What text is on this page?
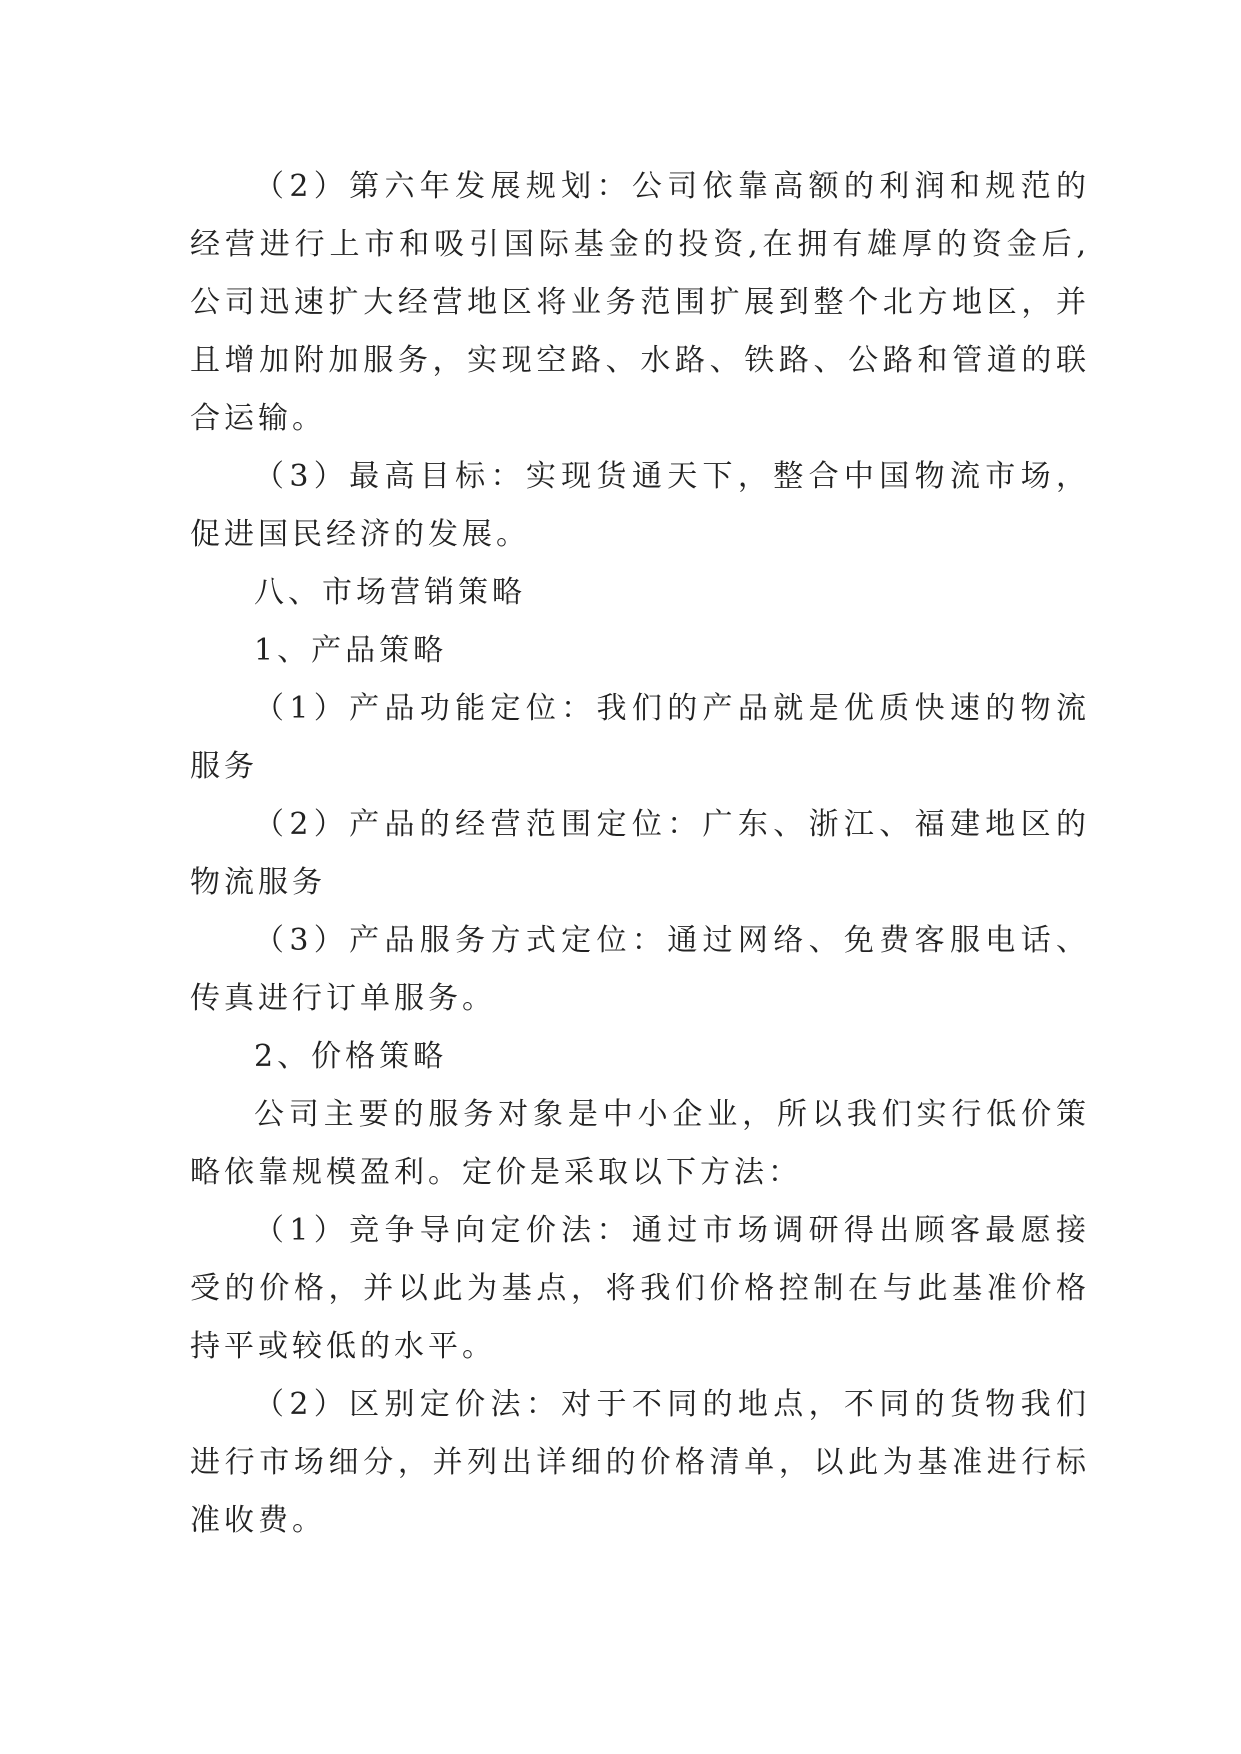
（2）第六年发展规划：公司依靠高额的利润和规范的经营进行上市和吸引国际基金的投资,在拥有雄厚的资金后,公司迅速扩大经营地区将业务范围扩展到整个北方地区，并且增加附加服务，实现空路、水路、铁路、公路和管道的联合运输。

（3）最高目标：实现货通天下，整合中国物流市场，促进国民经济的发展。

八、市场营销策略

1、产品策略

（1）产品功能定位：我们的产品就是优质快速的物流服务

（2）产品的经营范围定位：广东、浙江、福建地区的物流服务

（3）产品服务方式定位：通过网络、免费客服电话、传真进行订单服务。

2、价格策略

公司主要的服务对象是中小企业，所以我们实行低价策略依靠规模盈利。定价是采取以下方法：

（1）竞争导向定价法：通过市场调研得出顾客最愿接受的价格，并以此为基点，将我们价格控制在与此基准价格持平或较低的水平。

（2）区别定价法：对于不同的地点，不同的货物我们进行市场细分，并列出详细的价格清单，以此为基准进行标准收费。
